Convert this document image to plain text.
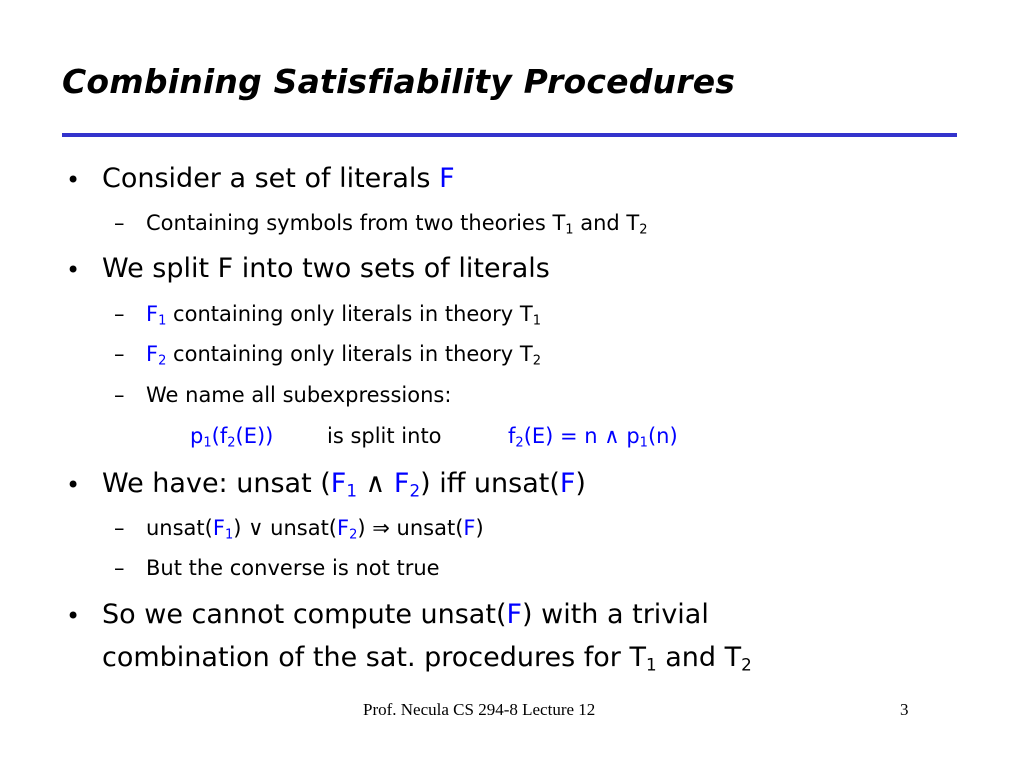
Combining Satisfiability Procedures
• Consider a set of literals F
– Containing symbols from two theories $T_1$ and $T_2$
• We split F into two sets of literals
– $F_1$ containing only literals in theory $T_1$
– $F_2$ containing only literals in theory $T_2$
– We name all subexpressions:
$p_1(f_2(E))$	is split into	$f_2(E) = n$ ∧ $p_1(n)$
• We have: unsat ($F_1$ ∧ $F_2$) iff unsat(F)
– $unsat(F_1)$ ∨ $unsat(F_2)$ ⇒ unsat(F)
– But the converse is not true
• So we cannot compute unsat(F) with a trivial
combination of the sat. procedures for $T_1$ and $T_2$
Prof. Necula CS 294-8 Lecture 12	3
